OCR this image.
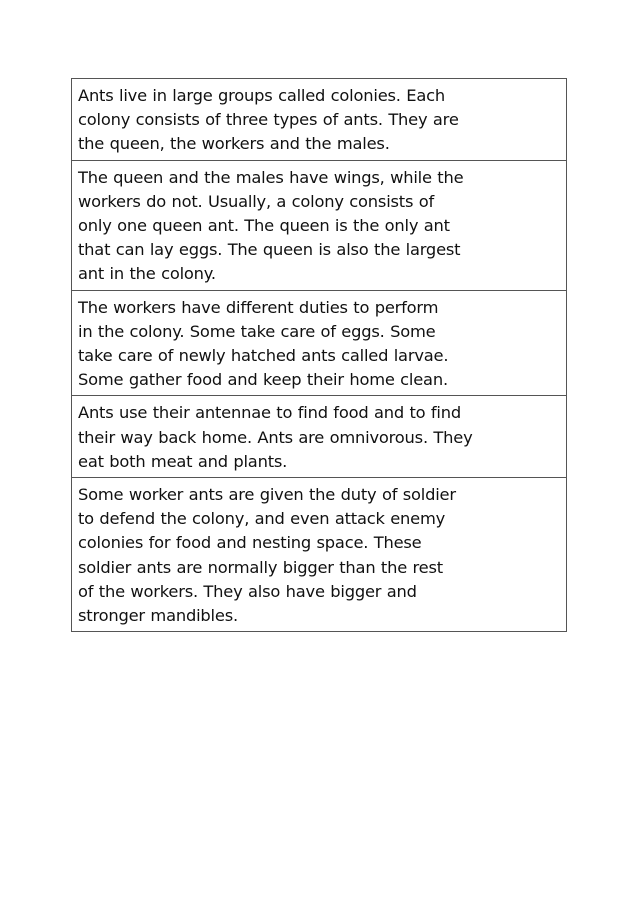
Ants live in large groups called colonies. Each
colony consists of three types of ants. They are
the queen, the workers and the males.
The queen and the males have wings, while the
workers do not. Usually, a colony consists of
only one queen ant. The queen is the only ant
that can lay eggs. The queen is also the largest
ant in the colony.
The workers have different duties to perform
in the colony. Some take care of eggs. Some
take care of newly hatched ants called larvae.
Some gather food and keep their home clean.
Ants use their antennae to find food and to find
their way back home. Ants are omnivorous. They
eat both meat and plants.
Some worker ants are given the duty of soldier
to defend the colony, and even attack enemy
colonies for food and nesting space. These
soldier ants are normally bigger than the rest
of the workers. They also have bigger and
stronger mandibles.
